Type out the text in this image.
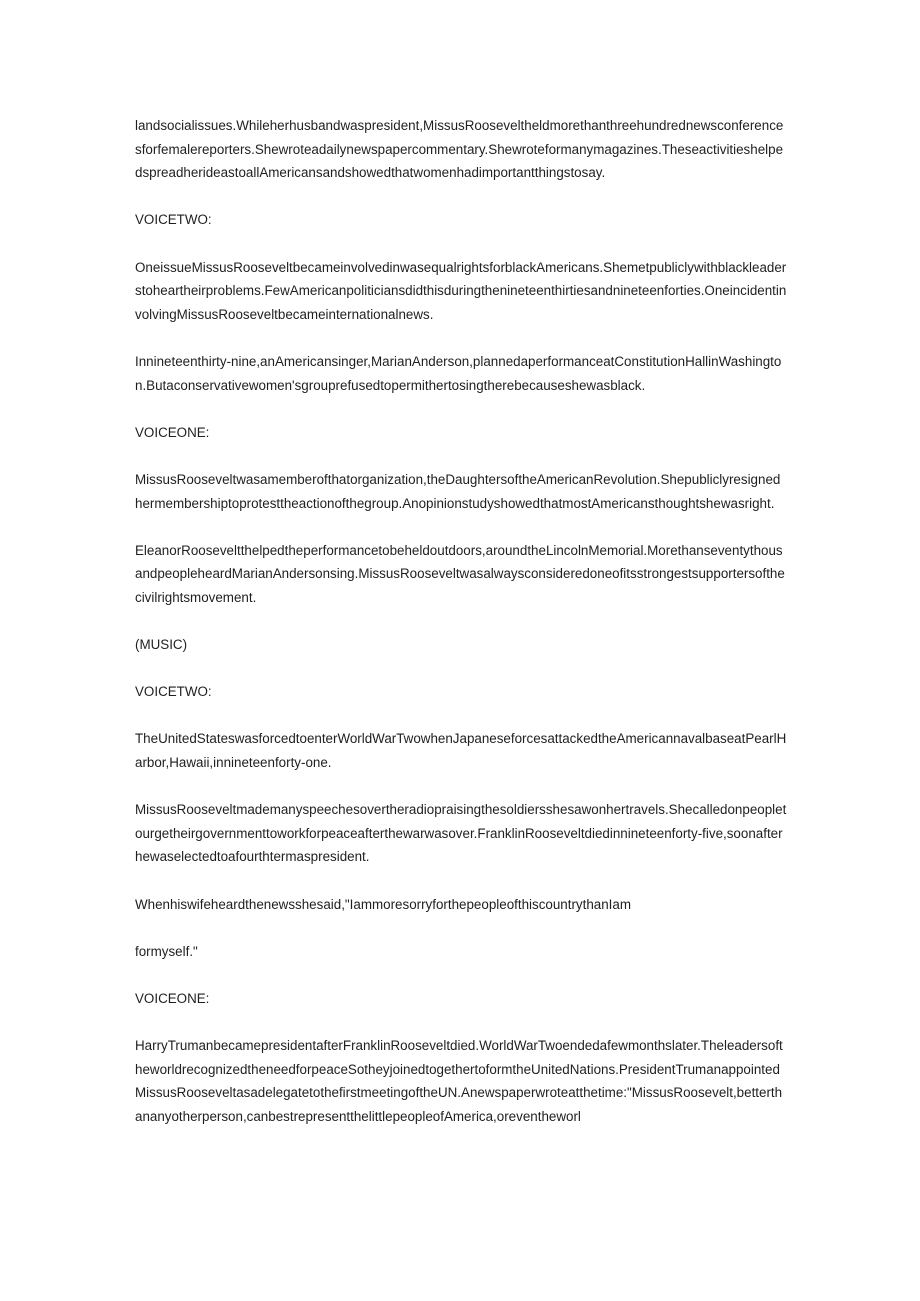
landsocialissues.Whileherhusbandwaspresident,MissusRooseveltheldmorethanthreehundrednewsconferencesforfemalereporters.Shewroteadailynewspapercommentary.Shewroteformanymagazines.TheseactivitieshelpedspreadherideastoallAmericansandshowedthatwomenhadimportantthingstosay.

VOICETWO:

OneissueMissusRooseveltbecameinvolvedinwasequalrightsforblackAmericans.Shemetpubliclywithblackleaderstoheartheirproblems.FewAmericanpoliticiansdidthisduringthenineteenthirtiesandnineteenforties.OneincidentinvolvingMissusRooseveltbecameinternationalnews.

Innineteenthirty-nine,anAmericansinger,MarianAnderson,plannedaperformanceatConstitutionHallinWashington.Butaconservativewomen'sgrouprefusedtopermithertosingtherebecauseshewasblack.

VOICEONE:

MissusRooseveltwasamemberofthatorganization,theDaughtersoftheAmericanRevolution.Shepubliclyresignedhermembershiptoprotesttheactionofthegroup.AnopinionstudyshowedthatmostAmericansthoughtshewasright.

EleanorRooseveltthelpedtheperformancetobeheldoutdoors,aroundtheLincolnMemorial.MorethanseventythousandpeopleheardMarianAndersonsing.MissusRooseveltwasalwaysconsideredoneofitsstrongestsupportersofthecivilrightsmovement.

(MUSIC)

VOICETWO:

TheUnitedStateswasforcedtoenterWorldWarTwowhenJapaneseforcesattackedtheAmericannavalbaseatPearlHarbor,Hawaii,innineteenforty-one.

MissusRooseveltmademanyspeechesovertheradiopraisingthesoldiersshesawonhertravels.Shecalledonpeopletourgetheirgovernmenttoworkforpeaceafterthewarwasover.FranklinRooseveltdiedinnineteenforty-five,soonafterhewaselectedtoafourthtermaspresident.

Whenhiswifeheardthenewsshesaid,"IammoresorryforthepeopleofthiscountrythanIam

formyself."

VOICEONE:

HarryTrumanbecamepresidentafterFranklinRooseveltdied.WorldWarTwoendedafewmonthslater.TheleadersoftheworldrecognizedtheneedforpeaceSotheyjoinedtogethertoformtheUnitedNations.PresidentTrumanappointedMissusRooseveltasadelegatetothefirstmeetingoftheUN.Anewspaperwroteatthetime:"MissusRoosevelt,betterthananyotherperson,canbestrepresentthelittlepeopleofAmerica,oreventheworl
